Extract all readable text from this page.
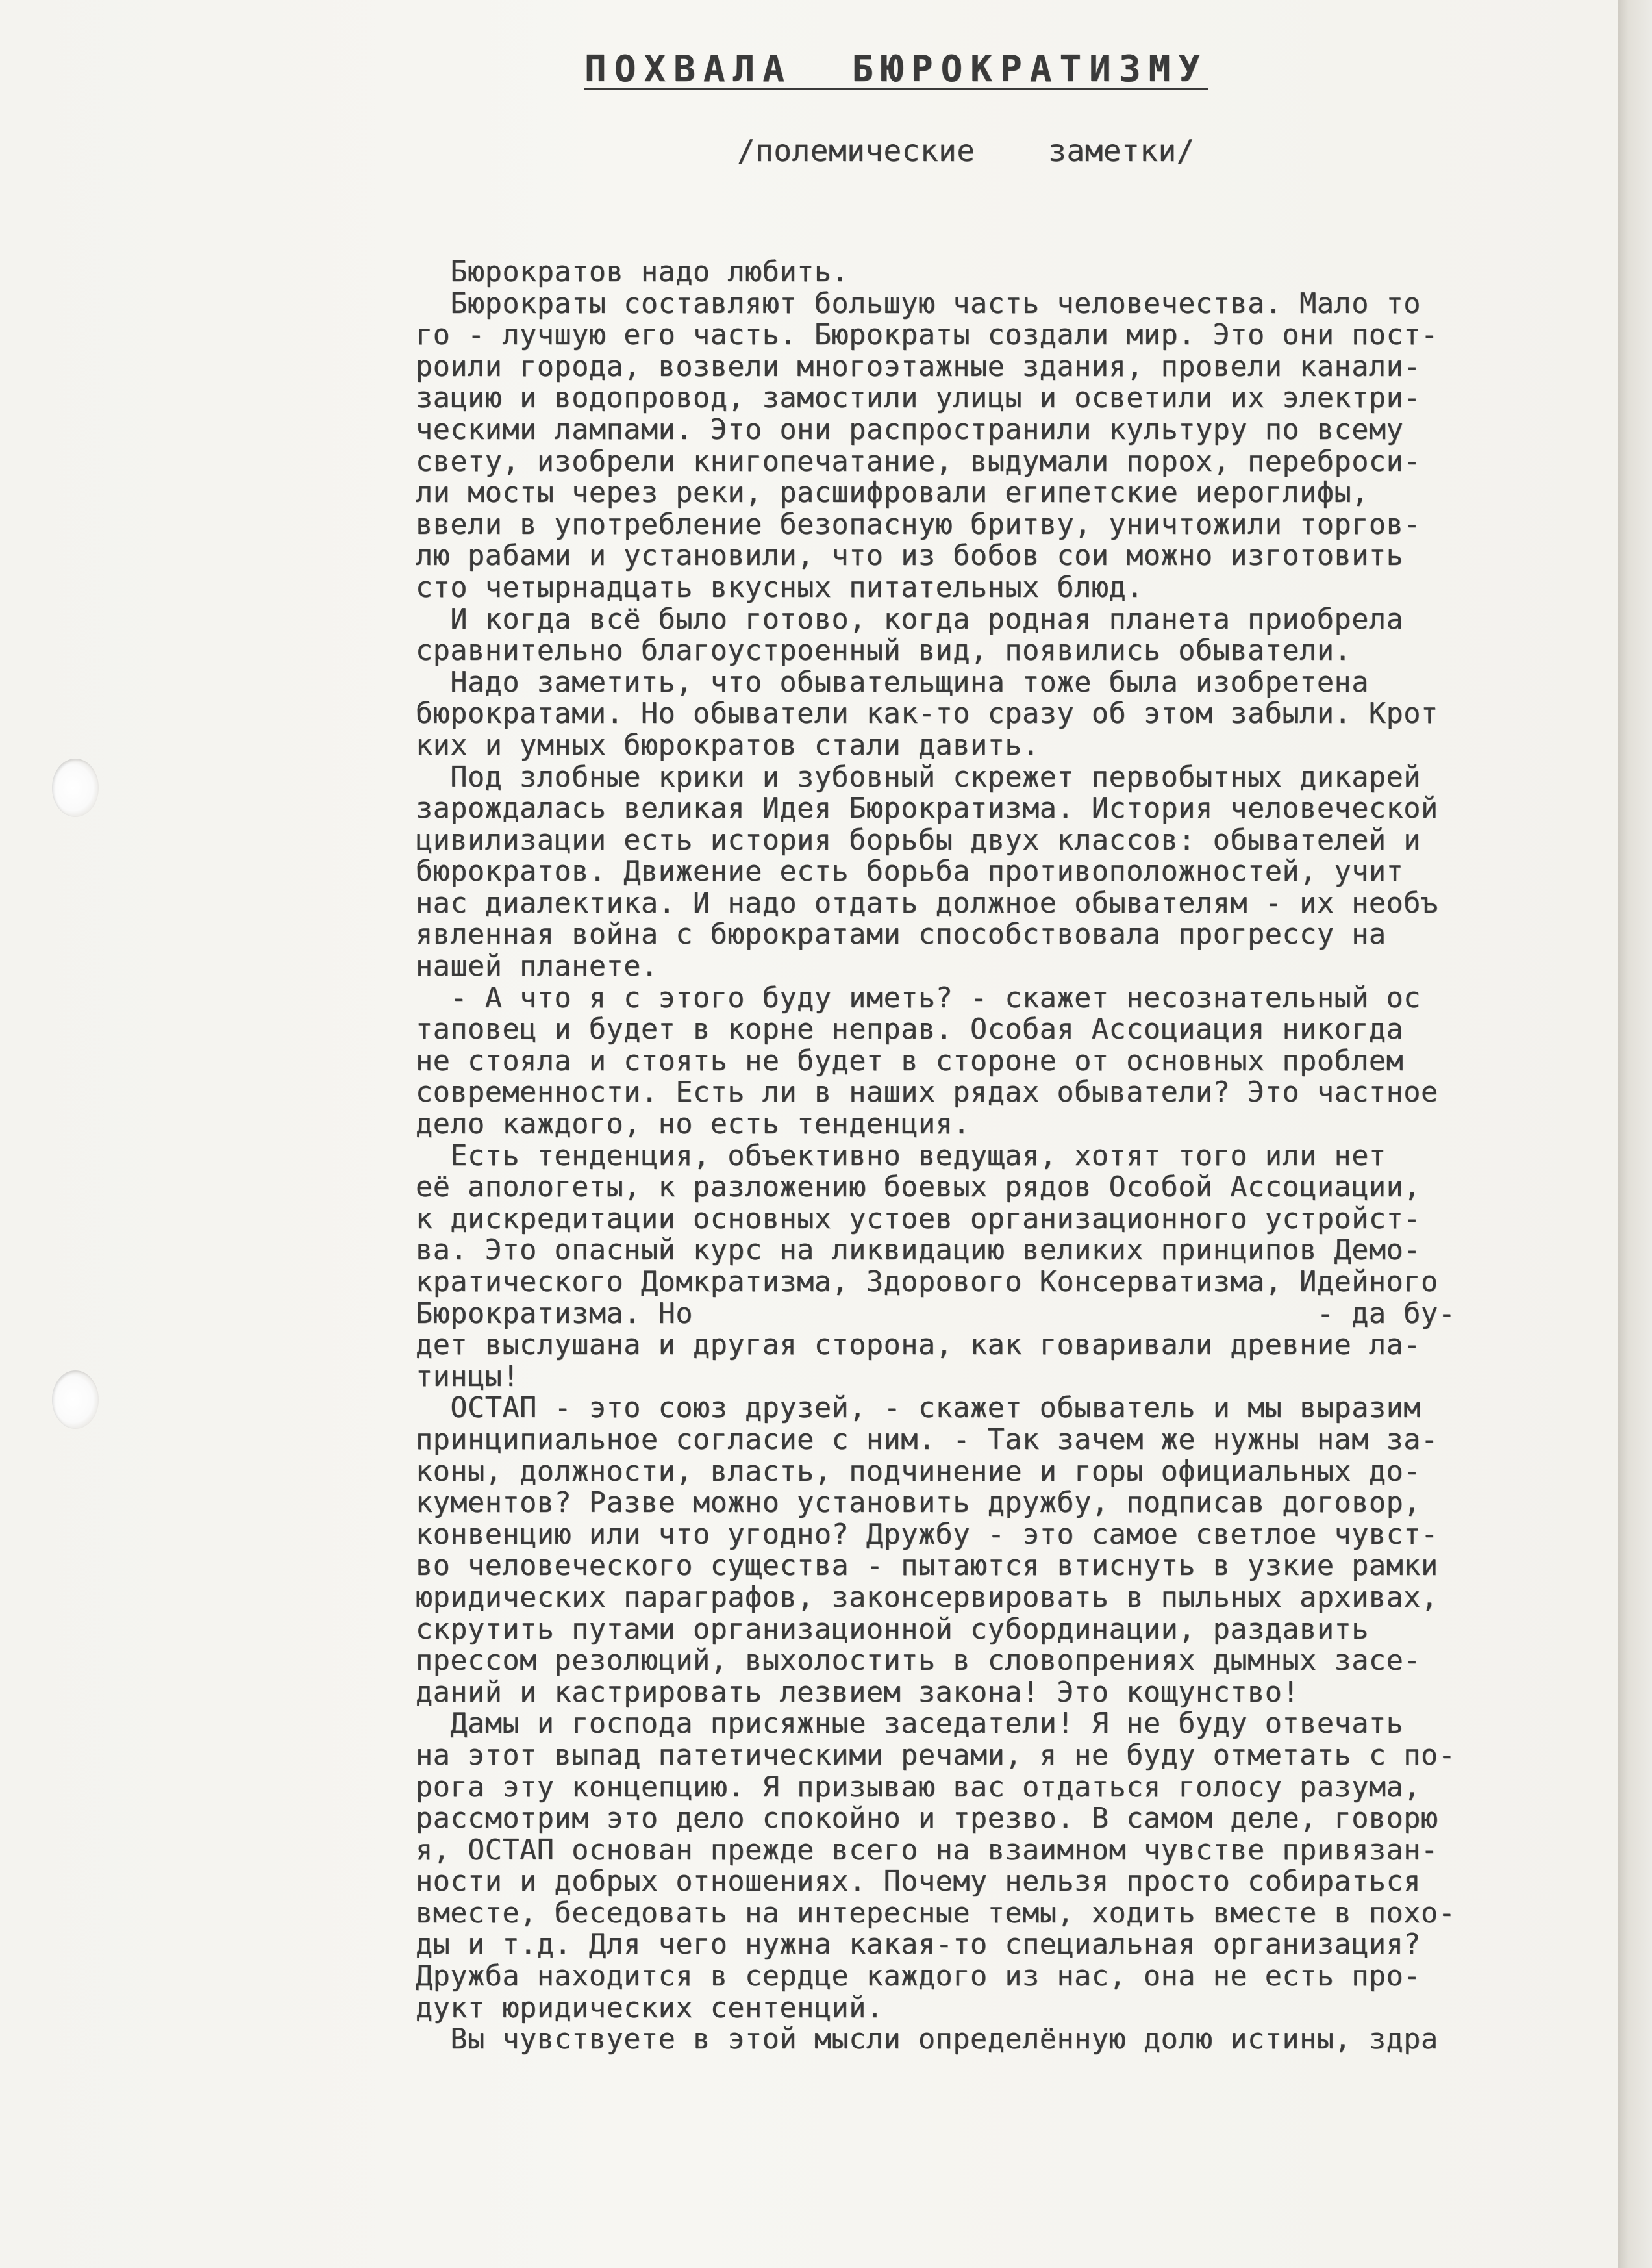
ПОХВАЛА  БЮРОКРАТИЗМУ
/полемические    заметки/
Бюрократов надо любить.
Бюрократы составляют большую часть человечества. Мало то
го - лучшую его часть. Бюрократы создали мир. Это они пост-
роили города, возвели многоэтажные здания, провели канали-
зацию и водопровод, замостили улицы и осветили их электри-
ческими лампами. Это они распространили культуру по всему
свету, изобрели книгопечатание, выдумали порох, переброси-
ли мосты через реки, расшифровали египетские иероглифы,
ввели в употребление безопасную бритву, уничтожили торгов-
лю рабами и установили, что из бобов сои можно изготовить
сто четырнадцать вкусных питательных блюд.
И когда всё было готово, когда родная планета приобрела
сравнительно благоустроенный вид, появились обыватели.
Надо заметить, что обывательщина тоже была изобретена
бюрократами. Но обыватели как-то сразу об этом забыли. Крот
ких и умных бюрократов стали давить.
Под злобные крики и зубовный скрежет первобытных дикарей
зарождалась великая Идея Бюрократизма. История человеческой
цивилизации есть история борьбы двух классов: обывателей и
бюрократов. Движение есть борьба противоположностей, учит
нас диалектика. И надо отдать должное обывателям - их необъ
явленная война с бюрократами способствовала прогрессу на
нашей планете.
- А что я с этого буду иметь? - скажет несознательный ос
тапoвец и будет в корне неправ. Особая Ассоциация никогда
не стояла и стоять не будет в стороне от основных проблем
современности. Есть ли в наших рядах обыватели? Это частное
дело каждого, но есть тенденция.
Есть тенденция, объективно ведущая, хотят того или нет
её апологеты, к разложению боевых рядов Особой Ассоциации,
к дискредитации основных устоев организационного устройст-
ва. Это опасный курс на ликвидацию великих принципов Демо-
кратического Домкратизма, Здорового Консерватизма, Идейного
Бюрократизма. Но                                    - да бу-
дет выслушана и другая сторона, как говаривали древние ла-
тинцы!
ОСТАП - это союз друзей, - скажет обыватель и мы выразим
принципиальное согласие с ним. - Так зачем же нужны нам за-
коны, должности, власть, подчинение и горы официальных до-
кументов? Разве можно установить дружбу, подписав договор,
конвенцию или что угодно? Дружбу - это самое светлое чувст-
во человеческого существа - пытаются втиснуть в узкие рамки
юридических параграфов, законсервировать в пыльных архивах,
скрутить путами организационной субординации, раздавить
прессом резолюций, выхолостить в словопрениях дымных засе-
даний и кастрировать лезвием закона! Это кощунство!
Дамы и господа присяжные заседатели! Я не буду отвечать
на этот выпад патетическими речами, я не буду отметать с по-
рога эту концепцию. Я призываю вас отдаться голосу разума,
рассмотрим это дело спокойно и трезво. В самом деле, говорю
я, ОСТАП основан прежде всего на взаимном чувстве привязан-
ности и добрых отношениях. Почему нельзя просто собираться
вместе, беседовать на интересные темы, ходить вместе в похо-
ды и т.д. Для чего нужна какая-то специальная организация?
Дружба находится в сердце каждого из нас, она не есть про-
дукт юридических сентенций.
Вы чувствуете в этой мысли определённую долю истины, здра
